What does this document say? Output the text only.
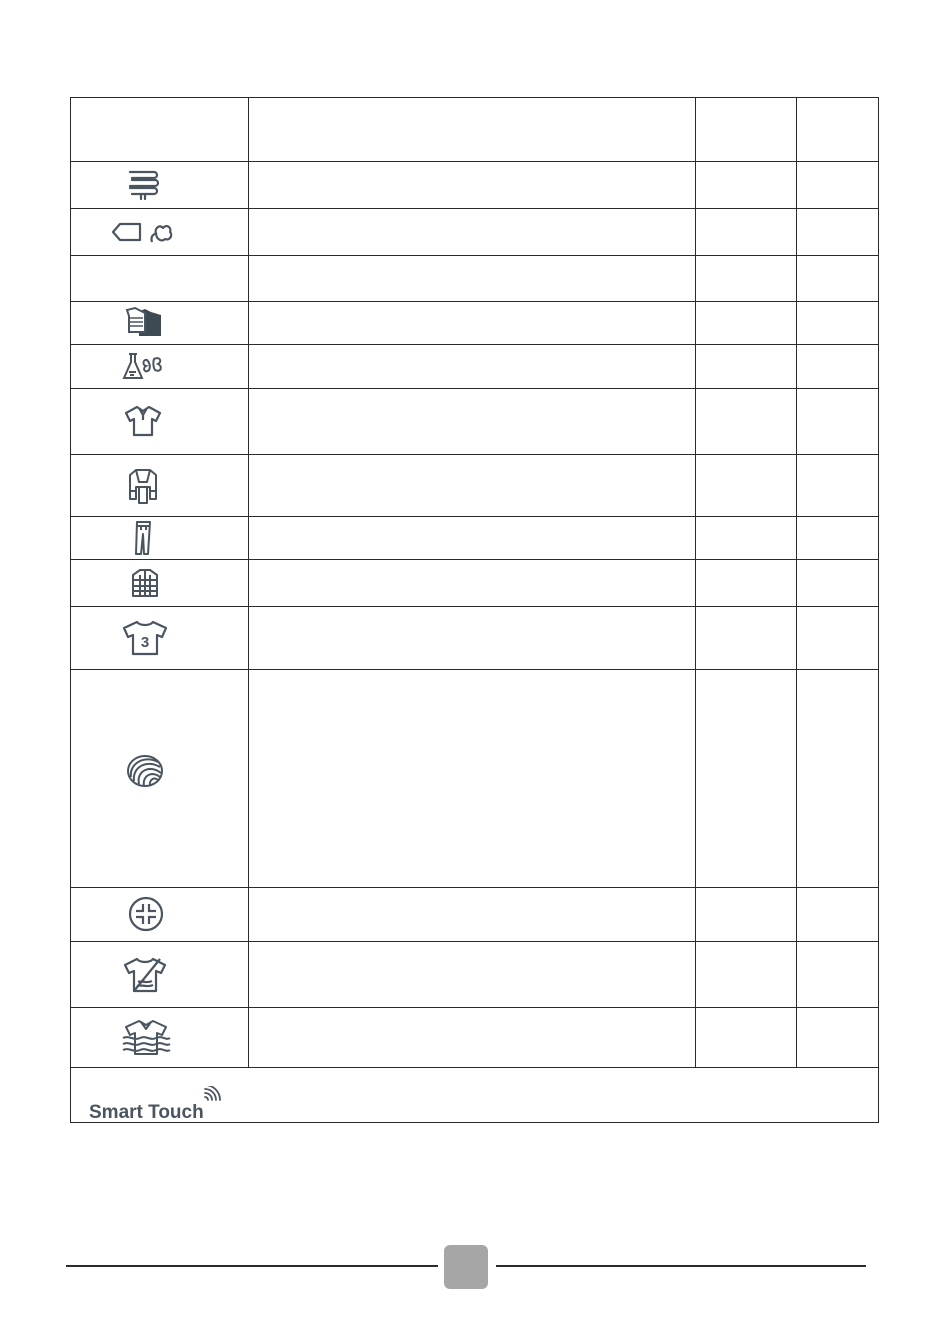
3
Smart Touch
